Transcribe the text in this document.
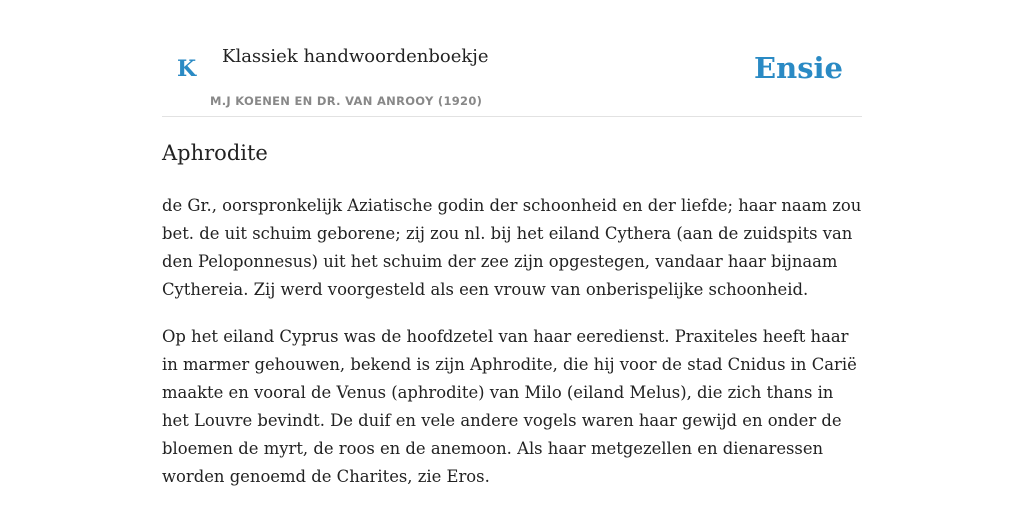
K Klassiek handwoordenboekje
M.J KOENEN EN DR. VAN ANROOY (1920)
Ensie
Aphrodite

de Gr., oorspronkelijk Aziatische godin der schoonheid en der liefde; haar naam zou bet. de uit schuim geborene; zij zou nl. bij het eiland Cythera (aan de zuidspits van den Peloponnesus) uit het schuim der zee zijn opgestegen, vandaar haar bijnaam Cythereia. Zij werd voorgesteld als een vrouw van onberispelijke schoonheid.

Op het eiland Cyprus was de hoofdzetel van haar eeredienst. Praxiteles heeft haar in marmer gehouwen, bekend is zijn Aphrodite, die hij voor de stad Cnidus in Carië maakte en vooral de Venus (aphrodite) van Milo (eiland Melus), die zich thans in het Louvre bevindt. De duif en vele andere vogels waren haar gewijd en onder de bloemen de myrt, de roos en de anemoon. Als haar metgezellen en dienaressen worden genoemd de Charites, zie Eros.
